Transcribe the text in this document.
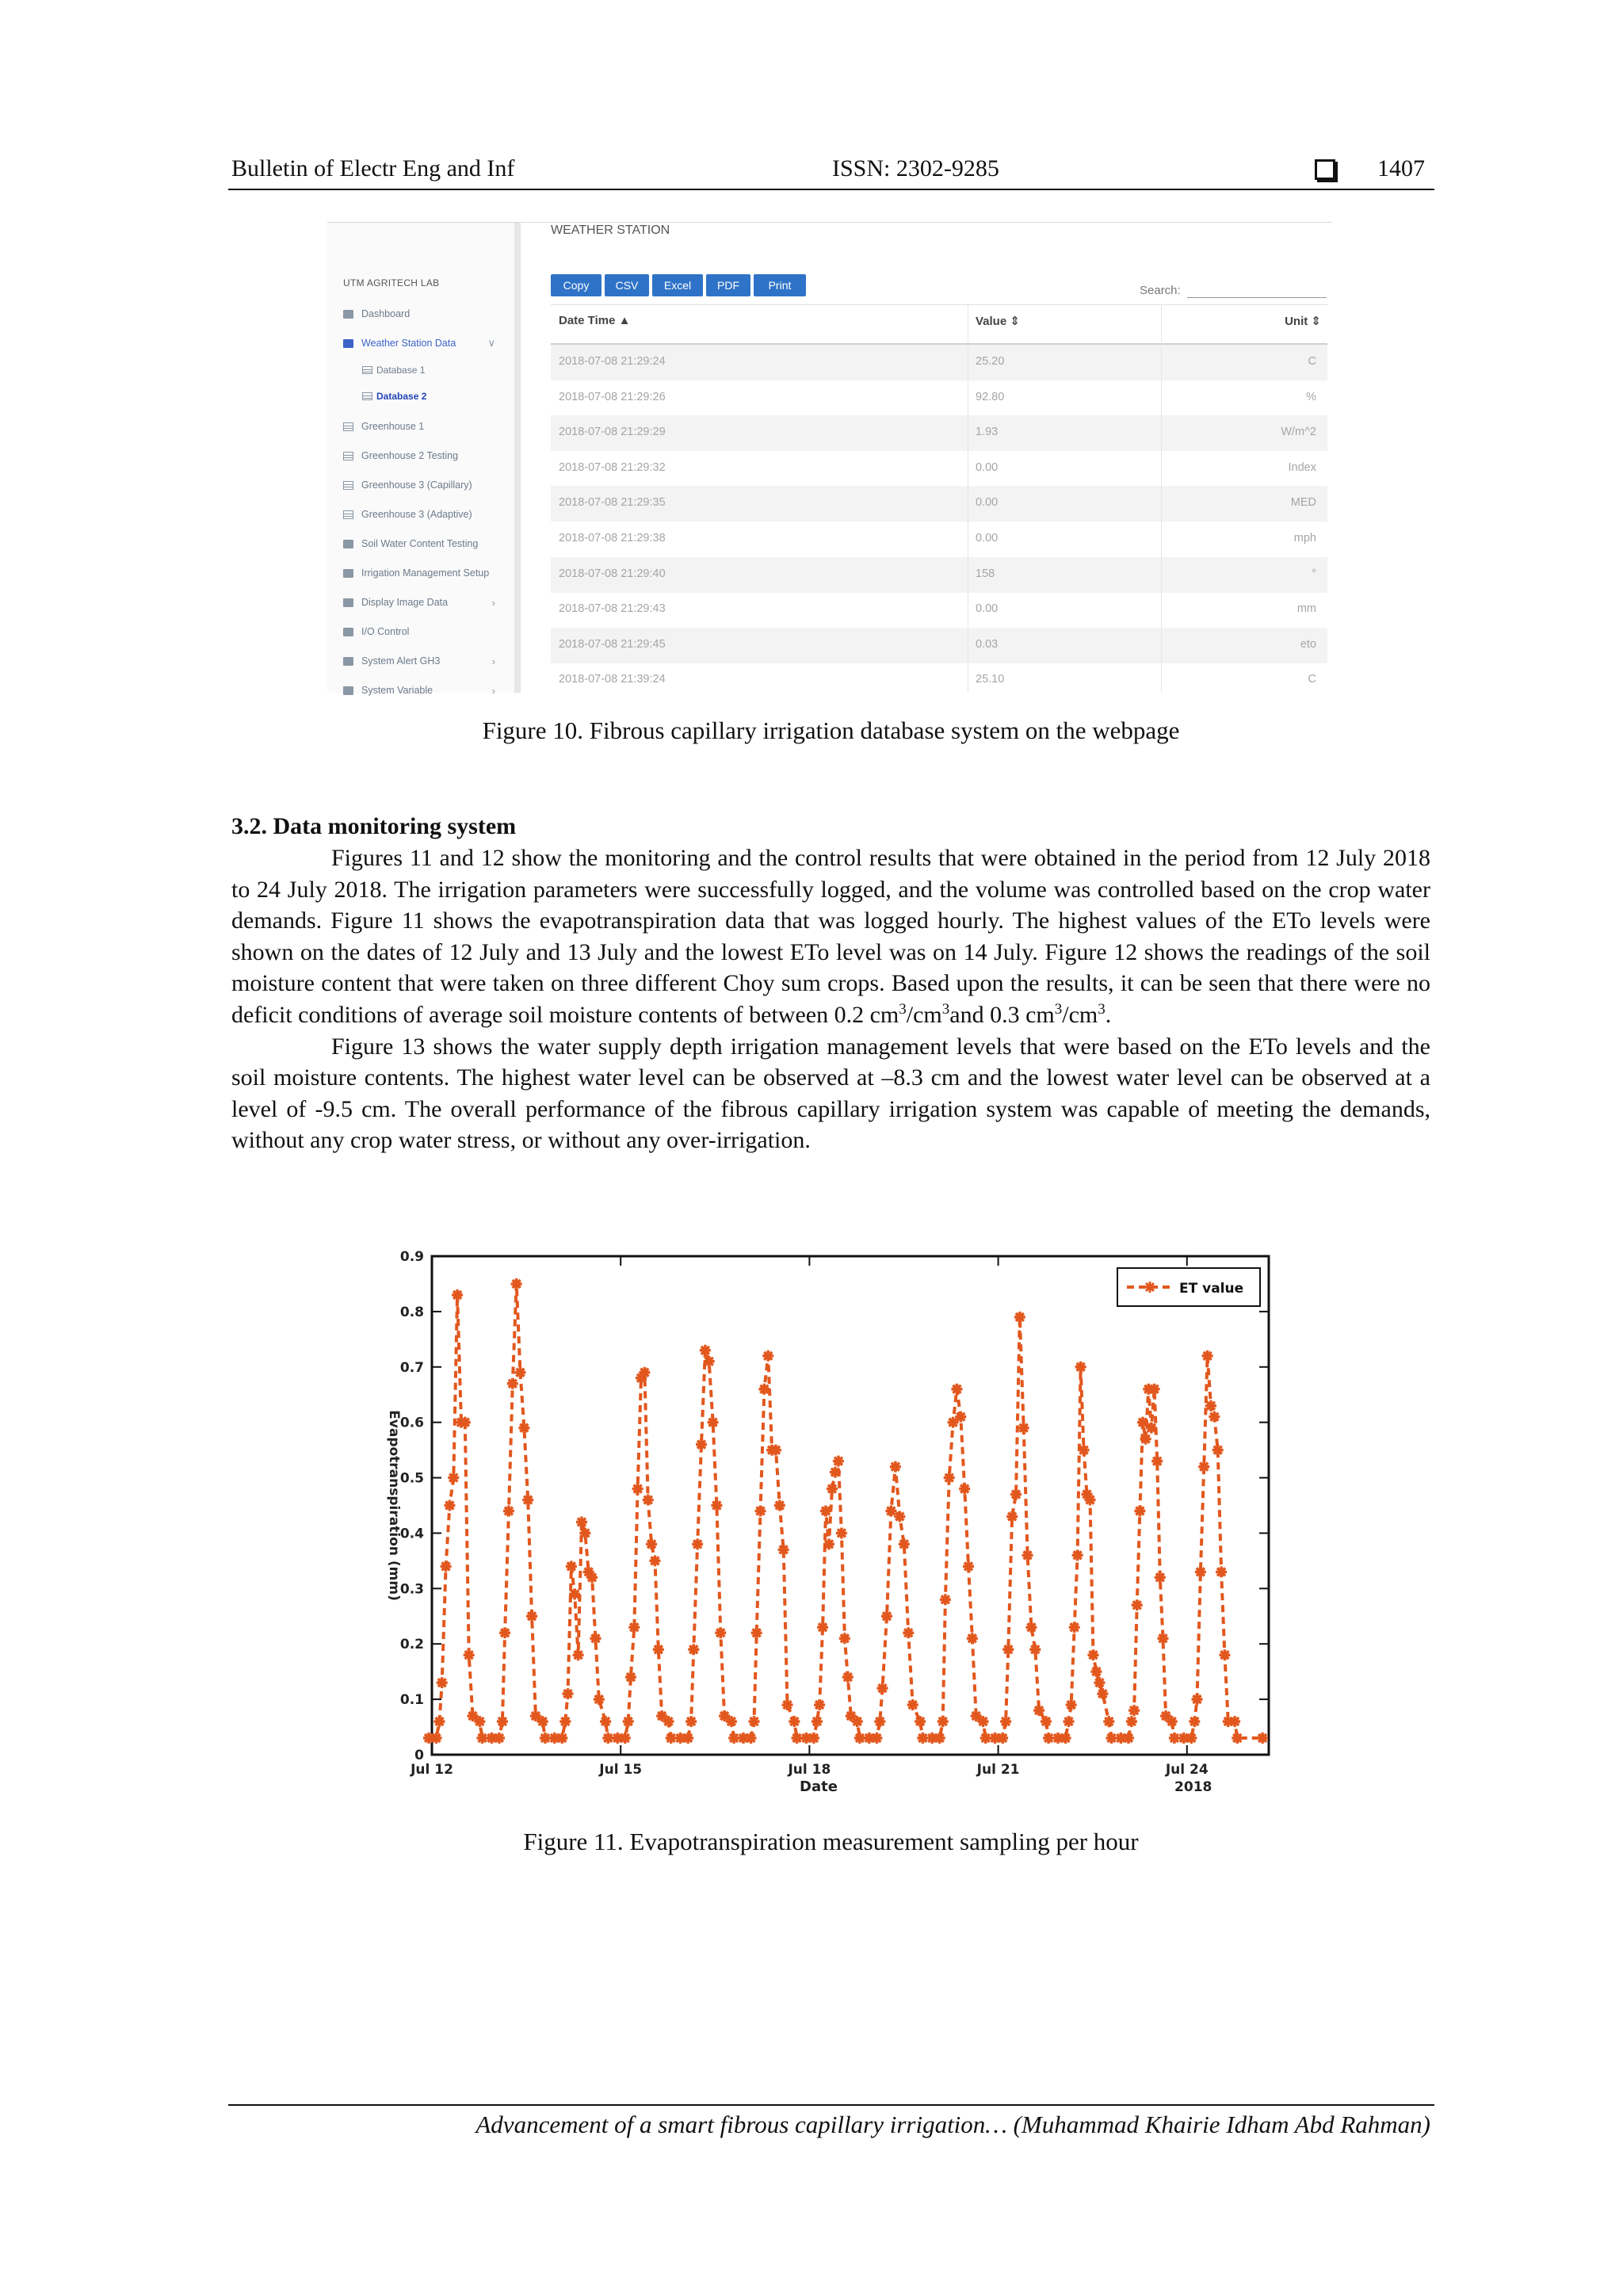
Bulletin of Electr Eng and Inf	ISSN: 2302-9285	1407
UTM AGRITECH LAB
Dashboard
Weather Station Data	∨
Database 1
Database 2
Greenhouse 1
Greenhouse 2 Testing
Greenhouse 3 (Capillary)
Greenhouse 3 (Adaptive)
Soil Water Content Testing
Irrigation Management Setup
Display Image Data	›
I/O Control
System Alert GH3	›
System Variable	›
WEATHER STATION
Copy	CSV	Excel	PDF	Print	Search:
Date Time ▲	Value ⇕	Unit ⇕
2018-07-08 21:29:24	25.20	C
2018-07-08 21:29:26	92.80	%
2018-07-08 21:29:29	1.93	W/m^2
2018-07-08 21:29:32	0.00	Index
2018-07-08 21:29:35	0.00	MED
2018-07-08 21:29:38	0.00	mph
2018-07-08 21:29:40	158	°
2018-07-08 21:29:43	0.00	mm
2018-07-08 21:29:45	0.03	eto
2018-07-08 21:39:24	25.10	C
Figure 10. Fibrous capillary irrigation database system on the webpage
3.2. Data monitoring system

Figures 11 and 12 show the monitoring and the control results that were obtained in the period from 12 July 2018 to 24 July 2018. The irrigation parameters were successfully logged, and the volume was controlled based on the crop water demands. Figure 11 shows the evapotranspiration data that was logged hourly. The highest values of the ETo levels were shown on the dates of 12 July and 13 July and the lowest ETo level was on 14 July. Figure 12 shows the readings of the soil moisture content that were taken on three different Choy sum crops. Based upon the results, it can be seen that there were no deficit conditions of average soil moisture contents of between 0.2 $cm^3/cm^3and$ 0.3 $cm^3/cm^3$.

Figure 13 shows the water supply depth irrigation management levels that were based on the ETo levels and the soil moisture contents. The highest water level can be observed at –8.3 cm and the lowest water level can be observed at a level of -9.5 cm. The overall performance of the fibrous capillary irrigation system was capable of meeting the demands, without any crop water stress, or without any over-irrigation.

0
0.1
0.2
0.3
0.4
0.5
0.6
0.7
0.8
0.9
Jul 12	Jul 15	Jul 18	Jul 21	Jul 24
2018
Date
Evapotranspiration (mm)
ET value
Figure 11. Evapotranspiration measurement sampling per hour
Advancement of a smart fibrous capillary irrigation… (Muhammad Khairie Idham Abd Rahman)
